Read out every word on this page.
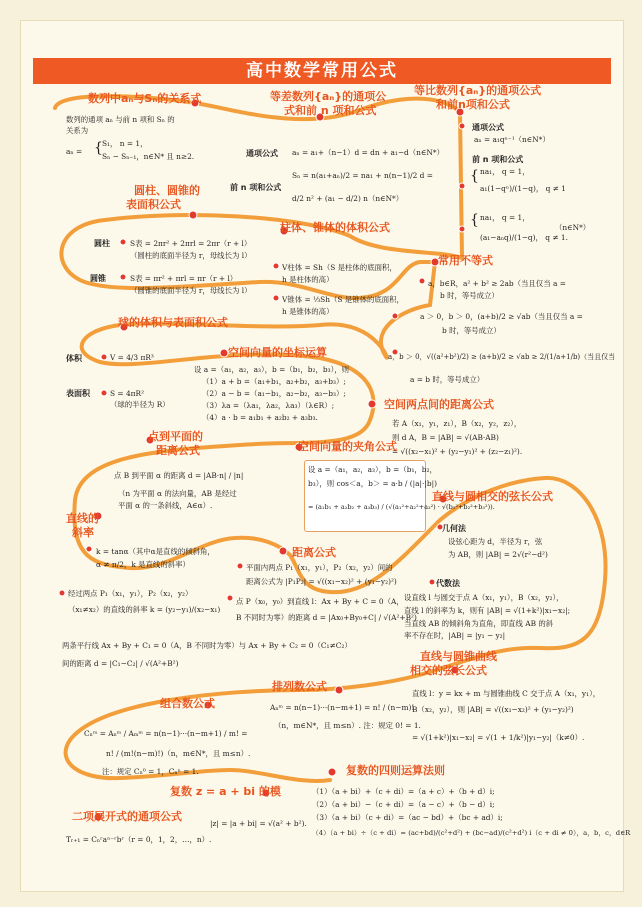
高中数学常用公式
数列中aₙ与Sₙ的关系式
数列的通项 aₙ 与前 n 项和 Sₙ 的
关系为
aₙ = { S₁， n = 1，
Sₙ − Sₙ₋₁，n∈N* 且 n≥2.
等差数列{aₙ}的通项公
式和前 n 项和公式
通项公式 aₙ = a₁+（n−1）d = dn + a₁−d（n∈N*）
前 n 项和公式
Sₙ = n(a₁+aₙ)/2 = na₁ + n(n−1)/2 d =
d/2 n² + (a₁ − d/2) n（n∈N*）
等比数列{aₙ}的通项公式
和前n项和公式
通项公式
aₙ = a₁qⁿ⁻¹（n∈N*）
前 n 项和公式
{ na₁， q = 1，
a₁(1−qⁿ)/(1−q)， q ≠ 1
{ na₁， q = 1，
(a₁−aₙq)/(1−q)， q ≠ 1.
（n∈N*）
圆柱、圆锥的
表面积公式
圆柱	S表 = 2πr² + 2πrl = 2πr（r + l）
（圆柱的底面半径为 r，母线长为 l）
圆锥	S表 = πr² + πrl = πr（r + l）
（圆锥的底面半径为 r，母线长为 l）
柱体、锥体的体积公式
V柱体 = Sh（S 是柱体的底面积，
h 是柱体的高）
V锥体 = ⅓Sh（S 是锥体的底面积，
h 是锥体的高）
常用不等式
a，b∈R，a² + b² ≥ 2ab（当且仅当 a =
b 时，等号成立）
a ＞ 0，b ＞ 0，(a+b)/2 ≥ √ab（当且仅当 a =
b 时，等号成立）
a，b ＞ 0，√((a²+b²)/2) ≥ (a+b)/2 ≥ √ab ≥ 2/(1/a+1/b)（当且仅当
a = b 时，等号成立）
球的体积与表面积公式
体积	V = 4/3 πR³
表面积	S = 4πR²
（球的半径为 R）
空间向量的坐标运算
设 a =（a₁，a₂，a₃），b =（b₁，b₂，b₃），则
（1）a + b =（a₁+b₁，a₂+b₂，a₃+b₃）;
（2）a − b =（a₁−b₁，a₂−b₂，a₃−b₃）;
（3）λa =（λa₁，λa₂，λa₃）（λ∈R）;
（4）a · b = a₁b₁ + a₂b₂ + a₃b₃.
空间两点间的距离公式
若 A（x₁，y₁，z₁），B（x₂，y₂，z₂），
则 d A，B = |AB| = √(AB·AB)
= √((x₂−x₁)² + (y₂−y₁)² + (z₂−z₁)²).
点到平面的
距离公式
点 B 到平面 α 的距离 d = |AB·n| / |n|
（n 为平面 α 的法向量，AB 是经过
平面 α 的一条斜线，A∈α）.
空间向量的夹角公式
设 a =（a₁，a₂，a₃），b =（b₁，b₂，
b₃），则 cos＜a，b＞ = a·b / (|a|·|b|)
= (a₁b₁ + a₂b₂ + a₃b₃) / (√(a₁²+a₂²+a₃²) · √(b₁²+b₂²+b₃²)).
直线的
斜率
k = tanα（其中α是直线的倾斜角，
α ≠ π/2，k 是直线的斜率）
经过两点 P₁（x₁，y₁），P₂（x₂，y₂）
（x₁≠x₂）的直线的斜率 k = (y₂−y₁)/(x₂−x₁)
距离公式
平面内两点 P₁（x₁，y₁），P₂（x₂，y₂）间的
距离公式为 |P₁P₂| = √((x₁−x₂)² + (y₁−y₂)²)
点 P（x₀，y₀）到直线 l：Ax + By + C = 0（A，
B 不同时为零）的距离 d = |Ax₀+By₀+C| / √(A²+B²)
两条平行线 Ax + By + C₁ = 0（A，B 不同时为零）与 Ax + By + C₂ = 0（C₁≠C₂）
间的距离 d = |C₁−C₂| / √(A²+B²)
直线与圆相交的弦长公式
几何法
设弦心距为 d，半径为 r，弦
为 AB，则 |AB| = 2√(r²−d²)
代数法
设直线 l 与圆交于点 A（x₁，y₁），B（x₂，y₂），
直线 l 的斜率为 k，则有 |AB| = √(1+k²)|x₁−x₂|;
当直线 AB 的倾斜角为直角，即直线 AB 的斜
率不存在时，|AB| = |y₁ − y₂|
直线与圆锥曲线
相交的弦长公式
直线 l：y = kx + m 与圆锥曲线 C 交于点 A（x₁，y₁），
B（x₂，y₂），则 |AB| = √((x₁−x₂)² + (y₁−y₂)²)
= √(1+k²)|x₁−x₂| = √(1 + 1/k²)|y₁−y₂|（k≠0）.
排列数公式
Aₙᵐ = n(n−1)···(n−m+1) = n! / (n−m)!
（n，m∈N*，且 m≤n）. 注：规定 0! = 1.
组合数公式
Cₙᵐ = Aₙᵐ / Aₘᵐ = n(n−1)···(n−m+1) / m! =
n! / (m!(n−m)!)（n，m∈N*，且 m≤n）.
注：规定 Cₙ⁰ = 1，Cₙⁿ = 1.	复数的四则运算法则
（1）（a + bi）+（c + di）=（a + c）+（b + d）i;
（2）（a + bi）−（c + di）=（a − c）+（b − d）i;
（3）（a + bi）（c + di）=（ac − bd）+（bc + ad）i;
（4）（a + bi）÷（c + di）= (ac+bd)/(c²+d²) + (bc−ad)/(c²+d²) i（c + di ≠ 0），a，b，c，d∈R
复数 z = a + bi 的模
|z| = |a + bi| = √(a² + b²).
二项展开式的通项公式
Tᵣ₊₁ = Cₙʳaⁿ⁻ʳbʳ（r = 0，1，2，…，n）.
